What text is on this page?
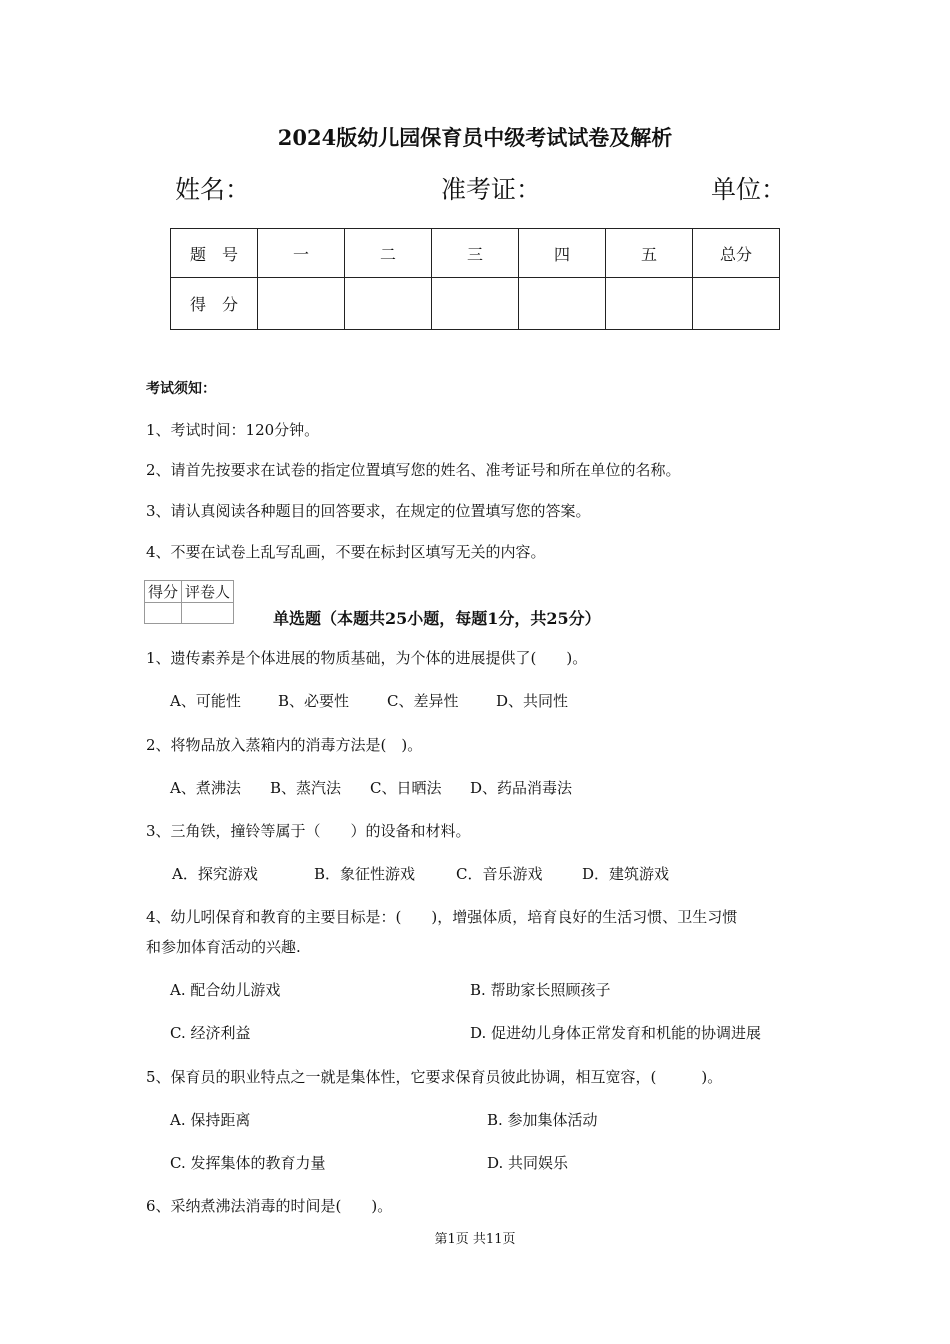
2024版幼儿园保育员中级考试试卷及解析
姓名：	准考证：	单位：
题　号	一	二	三	四	五	总分
得　分						
考试须知：
1、考试时间：120分钟。
2、请首先按要求在试卷的指定位置填写您的姓名、准考证号和所在单位的名称。
3、请认真阅读各种题目的回答要求，在规定的位置填写您的答案。
4、不要在试卷上乱写乱画，不要在标封区填写无关的内容。
得分	评卷人

单选题（本题共25小题，每题1分，共25分）
1、遗传素养是个体进展的物质基础，为个体的进展提供了(　　)。
A、可能性 B、必要性	C、差异性	D、共同性
2、将物品放入蒸箱内的消毒方法是(　)。
A、煮沸法 B、蒸汽法 C、日晒法 D、药品消毒法
3、三角铁，撞铃等属于（　　）的设备和材料。
A．探究游戏	B．象征性游戏	C．音乐游戏	D．建筑游戏
4、幼儿吲保育和教育的主要目标是：(　　)，增强体质，培育良好的生活习惯、卫生习惯
和参加体育活动的兴趣.
A. 配合幼儿游戏	B. 帮助家长照顾孩子
C. 经济利益	D. 促进幼儿身体正常发育和机能的协调进展
5、保育员的职业特点之一就是集体性，它要求保育员彼此协调，相互宽容，(　　　)。
A. 保持距离	B. 参加集体活动
C. 发挥集体的教育力量	D. 共同娱乐
6、采纳煮沸法消毒的时间是(　　)。
第1页 共11页
